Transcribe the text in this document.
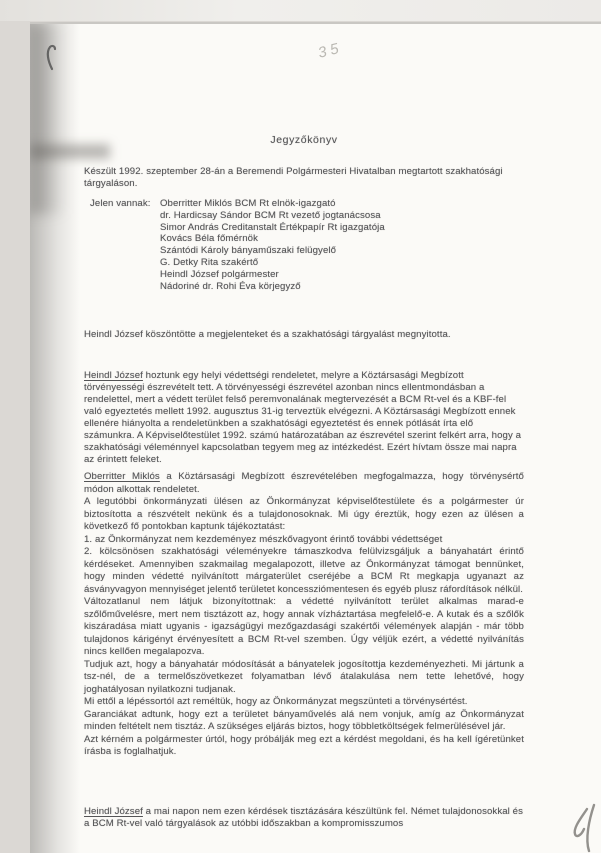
35
Jegyzőkönyv

Készült 1992. szeptember 28-án a Beremendi Polgármesteri Hivatalban megtartott szakhatósági tárgyaláson.

Jelen vannak: Oberritter Miklós BCM Rt elnök-igazgató
dr. Hardicsay Sándor BCM Rt vezető jogtanácsosa
Simor András Creditanstalt Értékpapír Rt igazgatója
Kovács Béla főmérnök
Szántódi Károly bányaműszaki felügyelő
G. Detky Rita szakértő
Heindl József polgármester
Nádoriné dr. Rohi Éva körjegyző

Heindl József köszöntötte a megjelenteket és a szakhatósági tárgyalást megnyitotta.

Heindl József hoztunk egy helyi védettségi rendeletet, melyre a Köztársasági Megbízott törvényességi észrevételt tett. A törvényességi észrevétel azonban nincs ellentmondásban a rendelettel, mert a védett terület felső peremvonalának megtervezését a BCM Rt-vel és a KBF-fel való egyeztetés mellett 1992. augusztus 31-ig terveztük elvégezni. A Köztársasági Megbízott ennek ellenére hiányolta a rendeletünkben a szakhatósági egyeztetést és ennek pótlását írta elő számunkra. A Képviselőtestület 1992. számú határozatában az észrevétel szerint felkért arra, hogy a szakhatósági véleménnyel kapcsolatban tegyem meg az intézkedést. Ezért hívtam össze mai napra az érintett feleket.

Oberritter Miklós a Köztársasági Megbízott észrevételében megfogalmazza, hogy törvénysértő módon alkottak rendeletet.

A legutóbbi önkormányzati ülésen az Önkormányzat képviselőtestülete és a polgármester úr biztosította a részvételt nekünk és a tulajdonosoknak. Mi úgy éreztük, hogy ezen az ülésen a következő fő pontokban kaptunk tájékoztatást:

1. az Önkormányzat nem kezdeményez mészkővagyont érintő további védettséget

2. kölcsönösen szakhatósági véleményekre támaszkodva felülvizsgáljuk a bányahatárt érintő kérdéseket. Amennyiben szakmailag megalapozott, illetve az Önkormányzat támogat bennünket, hogy minden védetté nyilvánított márgaterület cseréjébe a BCM Rt megkapja ugyanazt az ásványvagyon mennyiséget jelentő területet koncessziómentesen és egyéb plusz ráfordítások nélkül.

Változatlanul nem látjuk bizonyítottnak: a védetté nyilvánított terület alkalmas marad-e szőlőművelésre, mert nem tisztázott az, hogy annak vízháztartása megfelelő-e. A kutak és a szőlők kiszáradása miatt ugyanis - igazságügyi mezőgazdasági szakértői vélemények alapján - már több tulajdonos kárigényt érvényesített a BCM Rt-vel szemben. Úgy véljük ezért, a védetté nyilvánítás nincs kellően megalapozva.

Tudjuk azt, hogy a bányahatár módosítását a bányatelek jogosítottja kezdeményezheti. Mi jártunk a tsz-nél, de a termelőszövetkezet folyamatban lévő átalakulása nem tette lehetővé, hogy joghatályosan nyilatkozni tudjanak.

Mi ettől a lépéssortól azt reméltük, hogy az Önkormányzat megszünteti a törvénysértést.

Garanciákat adtunk, hogy ezt a területet bányaművelés alá nem vonjuk, amíg az Önkormányzat minden feltételt nem tisztáz. A szükséges eljárás biztos, hogy többletköltségek felmerülésével jár.

Azt kérném a polgármester úrtól, hogy próbálják meg ezt a kérdést megoldani, és ha kell ígéretünket írásba is foglalhatjuk.

Heindl József a mai napon nem ezen kérdések tisztázására készültünk fel. Német tulajdonosokkal és a BCM Rt-vel való tárgyalások az utóbbi időszakban a kompromisszumos
